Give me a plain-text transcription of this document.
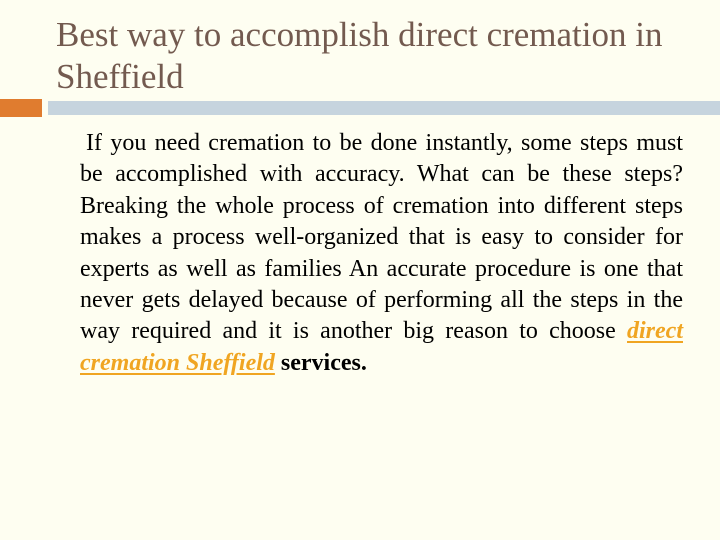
Best way to accomplish direct cremation in Sheffield
If you need cremation to be done instantly, some steps must be accomplished with accuracy. What can be these steps? Breaking the whole process of cremation into different steps makes a process well-organized that is easy to consider for experts as well as families An accurate procedure is one that never gets delayed because of performing all the steps in the way required and it is another big reason to choose direct cremation Sheffield services.
